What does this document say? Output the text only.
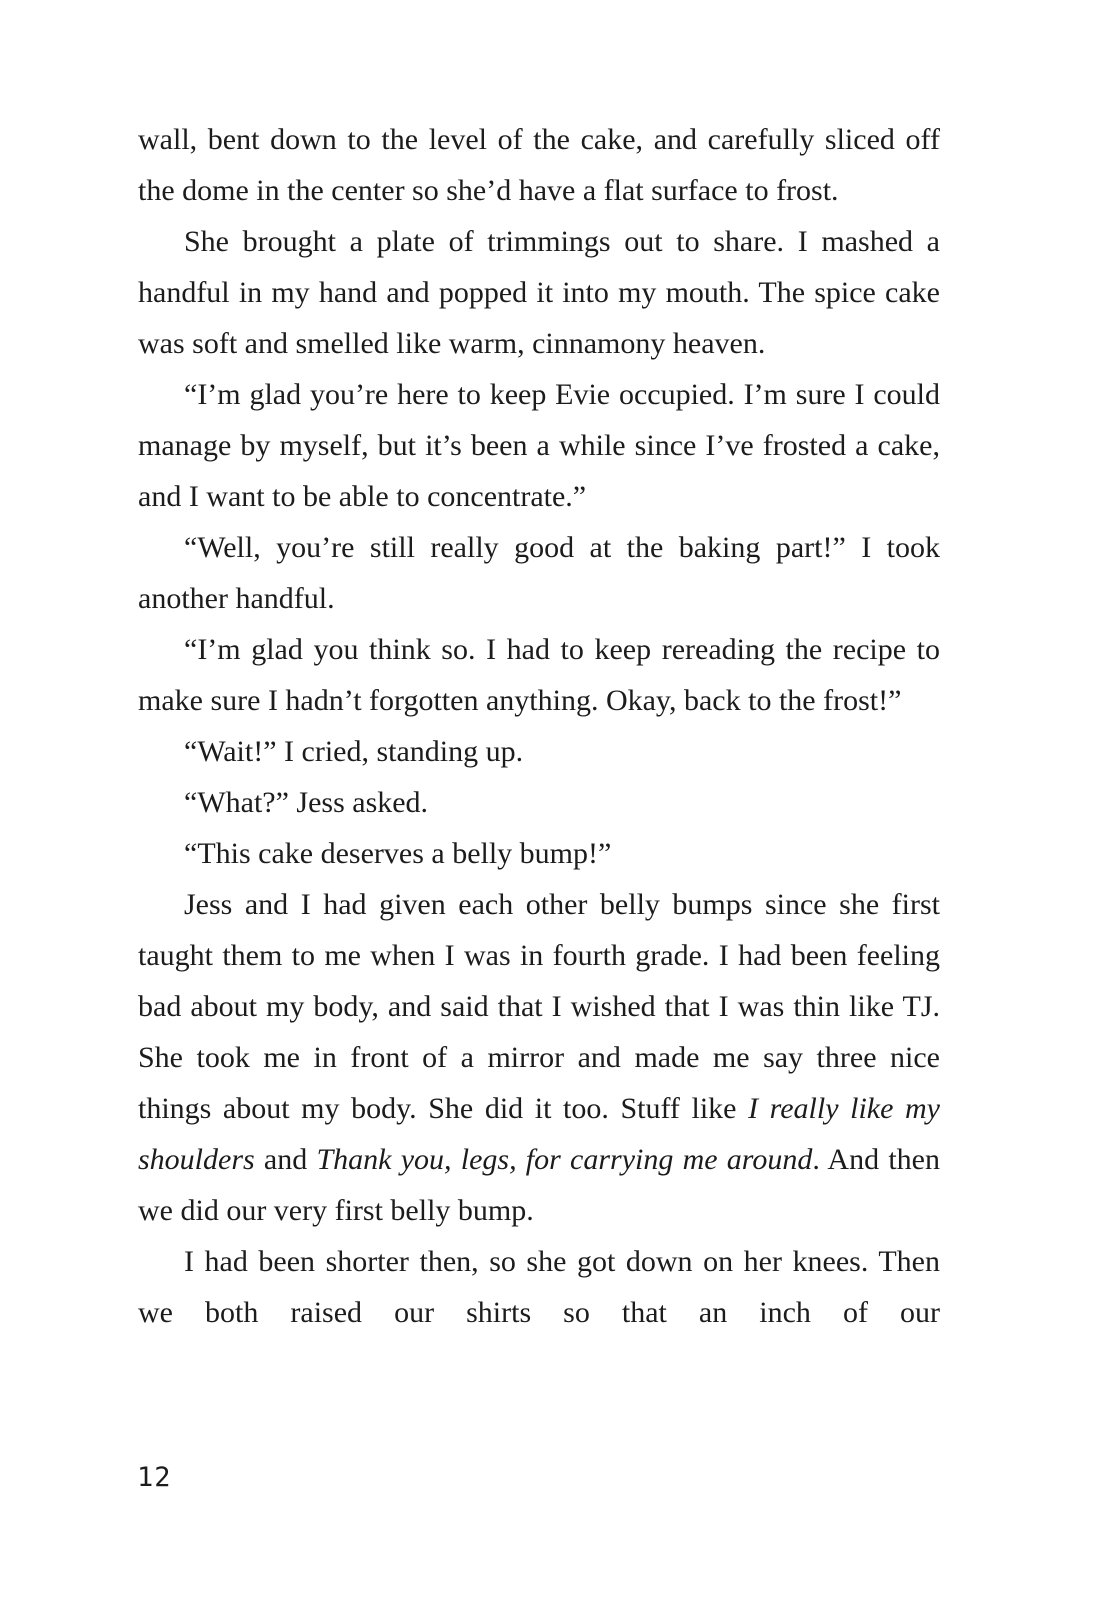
wall, bent down to the level of the cake, and carefully sliced off the dome in the center so she’d have a flat surface to frost.

She brought a plate of trimmings out to share. I mashed a handful in my hand and popped it into my mouth. The spice cake was soft and smelled like warm, cinnamony heaven.

“I’m glad you’re here to keep Evie occupied. I’m sure I could manage by myself, but it’s been a while since I’ve frosted a cake, and I want to be able to concentrate.”

“Well, you’re still really good at the baking part!” I took another handful.

“I’m glad you think so. I had to keep rereading the recipe to make sure I hadn’t forgotten anything. Okay, back to the frost!”

“Wait!” I cried, standing up.

“What?” Jess asked.

“This cake deserves a belly bump!”

Jess and I had given each other belly bumps since she first taught them to me when I was in fourth grade. I had been feeling bad about my body, and said that I wished that I was thin like TJ. She took me in front of a mirror and made me say three nice things about my body. She did it too. Stuff like I really like my shoulders and Thank you, legs, for carrying me around. And then we did our very first belly bump.

I had been shorter then, so she got down on her knees. Then we both raised our shirts so that an inch of our

12
